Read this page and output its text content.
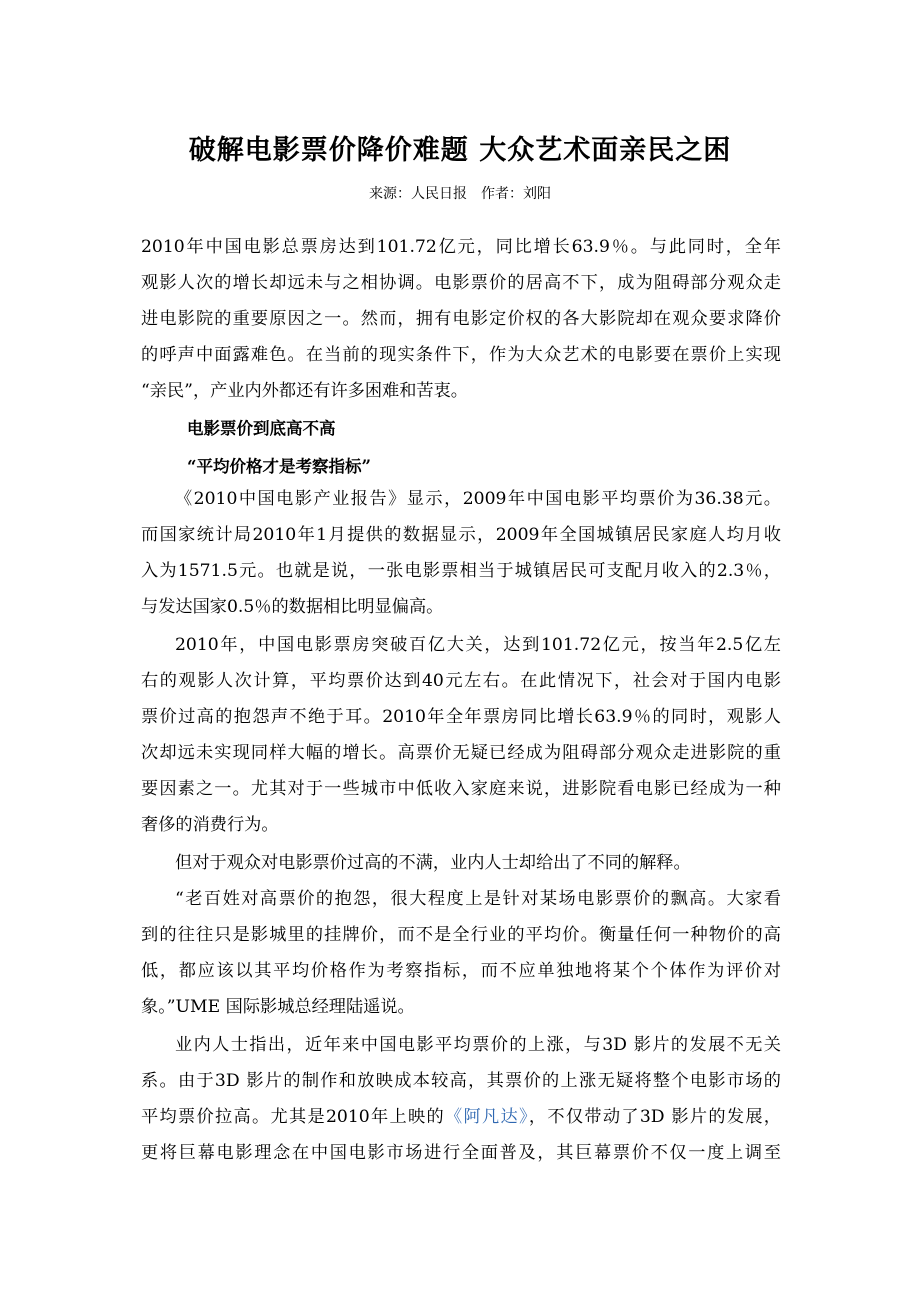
破解电影票价降价难题 大众艺术面亲民之困
来源：人民日报　作者：刘阳
2010年中国电影总票房达到101.72亿元，同比增长63.9％。与此同时，全年
观影人次的增长却远未与之相协调。电影票价的居高不下，成为阻碍部分观众走
进电影院的重要原因之一。然而，拥有电影定价权的各大影院却在观众要求降价
的呼声中面露难色。在当前的现实条件下，作为大众艺术的电影要在票价上实现
“亲民”，产业内外都还有许多困难和苦衷。
电影票价到底高不高
“平均价格才是考察指标”
《2010中国电影产业报告》显示，2009年中国电影平均票价为36.38元。
而国家统计局2010年1月提供的数据显示，2009年全国城镇居民家庭人均月收
入为1571.5元。也就是说，一张电影票相当于城镇居民可支配月收入的2.3％，
与发达国家0.5％的数据相比明显偏高。
2010年，中国电影票房突破百亿大关，达到101.72亿元，按当年2.5亿左
右的观影人次计算，平均票价达到40元左右。在此情况下，社会对于国内电影
票价过高的抱怨声不绝于耳。2010年全年票房同比增长63.9％的同时，观影人
次却远未实现同样大幅的增长。高票价无疑已经成为阻碍部分观众走进影院的重
要因素之一。尤其对于一些城市中低收入家庭来说，进影院看电影已经成为一种
奢侈的消费行为。
但对于观众对电影票价过高的不满，业内人士却给出了不同的解释。
“老百姓对高票价的抱怨，很大程度上是针对某场电影票价的飘高。大家看
到的往往只是影城里的挂牌价，而不是全行业的平均价。衡量任何一种物价的高
低，都应该以其平均价格作为考察指标，而不应单独地将某个个体作为评价对
象。”UME 国际影城总经理陆遥说。
业内人士指出，近年来中国电影平均票价的上涨，与3D 影片的发展不无关
系。由于3D 影片的制作和放映成本较高，其票价的上涨无疑将整个电影市场的
平均票价拉高。尤其是2010年上映的《阿凡达》，不仅带动了3D 影片的发展，
更将巨幕电影理念在中国电影市场进行全面普及，其巨幕票价不仅一度上调至
